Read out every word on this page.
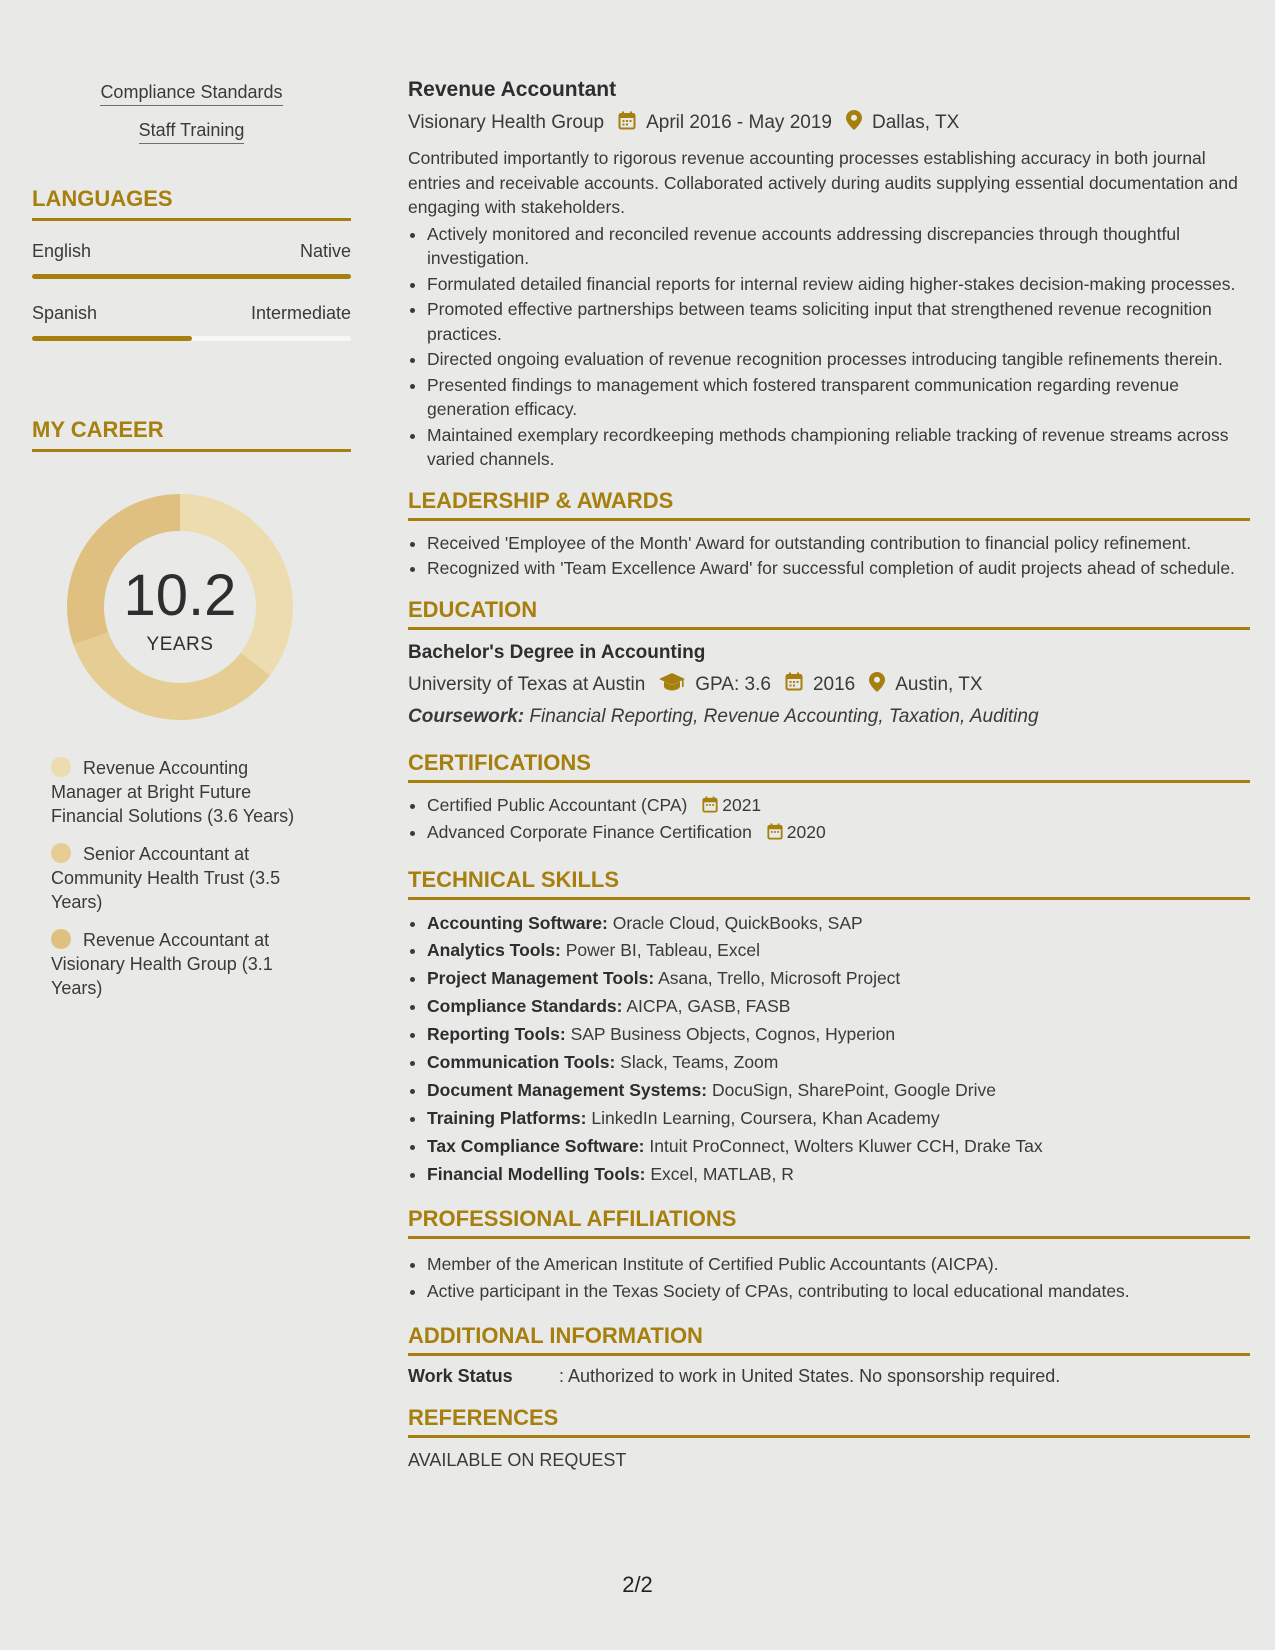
Compliance Standards
Staff Training
LANGUAGES
English	Native
Spanish	Intermediate
MY CAREER
10.2
YEARS
Revenue Accounting Manager at Bright Future Financial Solutions (3.6 Years)
Senior Accountant at Community Health Trust (3.5 Years)
Revenue Accountant at Visionary Health Group (3.1 Years)
Revenue Accountant
Visionary Health Group April 2016 - May 2019 Dallas, TX
Contributed importantly to rigorous revenue accounting processes establishing accuracy in both journal entries and receivable accounts. Collaborated actively during audits supplying essential documentation and engaging with stakeholders.
• Actively monitored and reconciled revenue accounts addressing discrepancies through thoughtful investigation.
• Formulated detailed financial reports for internal review aiding higher-stakes decision-making processes.
• Promoted effective partnerships between teams soliciting input that strengthened revenue recognition practices.
• Directed ongoing evaluation of revenue recognition processes introducing tangible refinements therein.
• Presented findings to management which fostered transparent communication regarding revenue generation efficacy.
• Maintained exemplary recordkeeping methods championing reliable tracking of revenue streams across varied channels.
LEADERSHIP & AWARDS
• Received 'Employee of the Month' Award for outstanding contribution to financial policy refinement.
• Recognized with 'Team Excellence Award' for successful completion of audit projects ahead of schedule.
EDUCATION
Bachelor's Degree in Accounting
University of Texas at Austin	GPA: 3.6 2016 Austin, TX
Coursework: Financial Reporting, Revenue Accounting, Taxation, Auditing
CERTIFICATIONS
• Certified Public Accountant (CPA) 2021
• Advanced Corporate Finance Certification 2020
TECHNICAL SKILLS
• Accounting Software: Oracle Cloud, QuickBooks, SAP
• Analytics Tools: Power BI, Tableau, Excel
• Project Management Tools: Asana, Trello, Microsoft Project
• Compliance Standards: AICPA, GASB, FASB
• Reporting Tools: SAP Business Objects, Cognos, Hyperion
• Communication Tools: Slack, Teams, Zoom
• Document Management Systems: DocuSign, SharePoint, Google Drive
• Training Platforms: LinkedIn Learning, Coursera, Khan Academy
• Tax Compliance Software: Intuit ProConnect, Wolters Kluwer CCH, Drake Tax
• Financial Modelling Tools: Excel, MATLAB, R
PROFESSIONAL AFFILIATIONS
• Member of the American Institute of Certified Public Accountants (AICPA).
• Active participant in the Texas Society of CPAs, contributing to local educational mandates.
ADDITIONAL INFORMATION
Work Status	: Authorized to work in United States. No sponsorship required.
REFERENCES
AVAILABLE ON REQUEST
2/2
